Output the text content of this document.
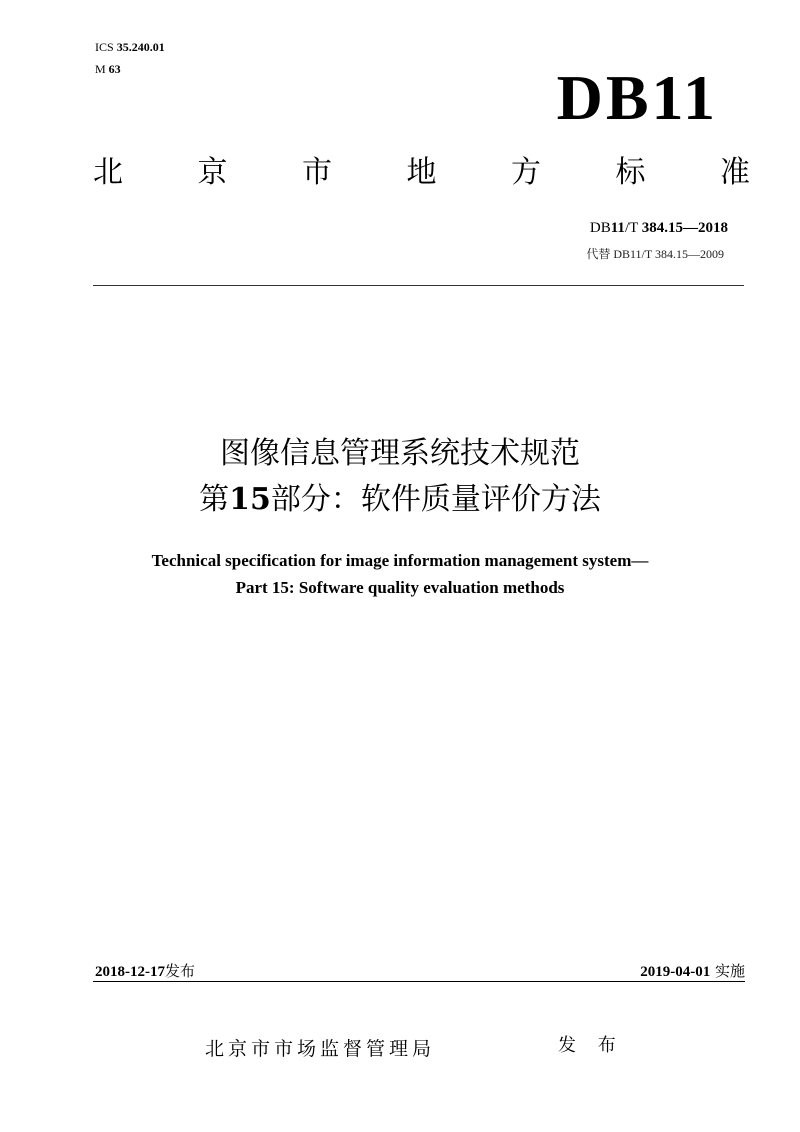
ICS 35.240.01
M 63	DB11
北 京 市 地 方 标 准
DB11/T 384.15—2018
代替 DB11/T 384.15—2009
图像信息管理系统技术规范
第15部分：软件质量评价方法
Technical specification for image information management system—
Part 15: Software quality evaluation methods
2018-12-17发布	2019-04-01 实施
北京市市场监督管理局	发 布
